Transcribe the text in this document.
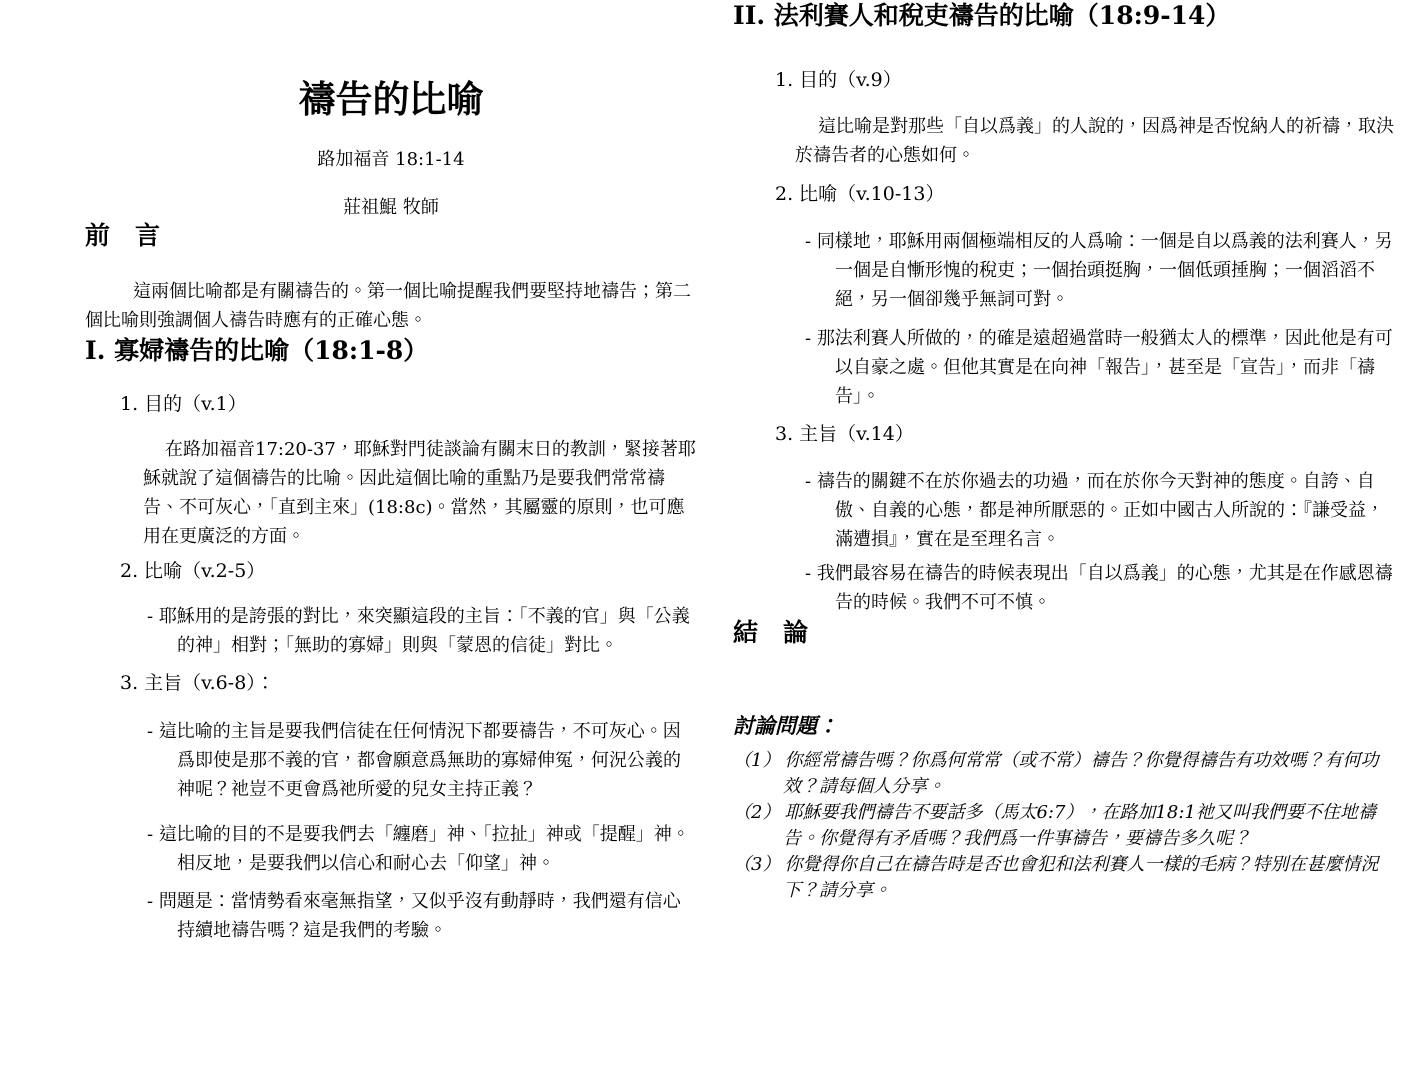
禱告的比喻

路加福音 18:1-14

莊祖鯤 牧師

前　言

這兩個比喻都是有關禱告的。第一個比喻提醒我們要堅持地禱告；第二個比喻則強調個人禱告時應有的正確心態。

I. 寡婦禱告的比喻（18:1-8）

1. 目的（v.1）

在路加福音17:20-37，耶穌對門徒談論有關末日的教訓，緊接著耶穌就說了這個禱告的比喻。因此這個比喻的重點乃是要我們常常禱告、不可灰心，「直到主來」(18:8c)。當然，其屬靈的原則，也可應用在更廣泛的方面。

2. 比喻（v.2-5）

- 耶穌用的是誇張的對比，來突顯這段的主旨：「不義的官」與「公義的神」相對；「無助的寡婦」則與「蒙恩的信徒」對比。

3. 主旨（v.6-8）：

- 這比喻的主旨是要我們信徒在任何情況下都要禱告，不可灰心。因爲即使是那不義的官，都會願意爲無助的寡婦伸冤，何況公義的神呢？祂豈不更會爲祂所愛的兒女主持正義？

- 這比喻的目的不是要我們去「纏磨」神、「拉扯」神或「提醒」神。相反地，是要我們以信心和耐心去「仰望」神。

- 問題是：當情勢看來毫無指望，又似乎沒有動靜時，我們還有信心持續地禱告嗎？這是我們的考驗。

II. 法利賽人和稅吏禱告的比喻（18:9-14）

1. 目的（v.9）

這比喻是對那些「自以爲義」的人說的，因爲神是否悅納人的祈禱，取決於禱告者的心態如何。

2. 比喻（v.10-13）

- 同樣地，耶穌用兩個極端相反的人爲喻：一個是自以爲義的法利賽人，另一個是自慚形愧的稅吏；一個抬頭挺胸，一個低頭捶胸；一個滔滔不絕，另一個卻幾乎無詞可對。

- 那法利賽人所做的，的確是遠超過當時一般猶太人的標準，因此他是有可以自豪之處。但他其實是在向神「報告」，甚至是「宣告」，而非「禱告」。

3. 主旨（v.14）

- 禱告的關鍵不在於你過去的功過，而在於你今天對神的態度。自誇、自傲、自義的心態，都是神所厭惡的。正如中國古人所說的：『謙受益，滿遭損』，實在是至理名言。

- 我們最容易在禱告的時候表現出「自以爲義」的心態，尤其是在作感恩禱告的時候。我們不可不慎。

結　論
討論問題：

（1） 你經常禱告嗎？你爲何常常（或不常）禱告？你覺得禱告有功效嗎？有何功效？請每個人分享。

（2） 耶穌要我們禱告不要話多（馬太6:7），在路加18:1祂又叫我們要不住地禱告。你覺得有矛盾嗎？我們爲一件事禱告，要禱告多久呢？

（3） 你覺得你自己在禱告時是否也會犯和法利賽人一樣的毛病？特別在甚麼情況下？請分享。
